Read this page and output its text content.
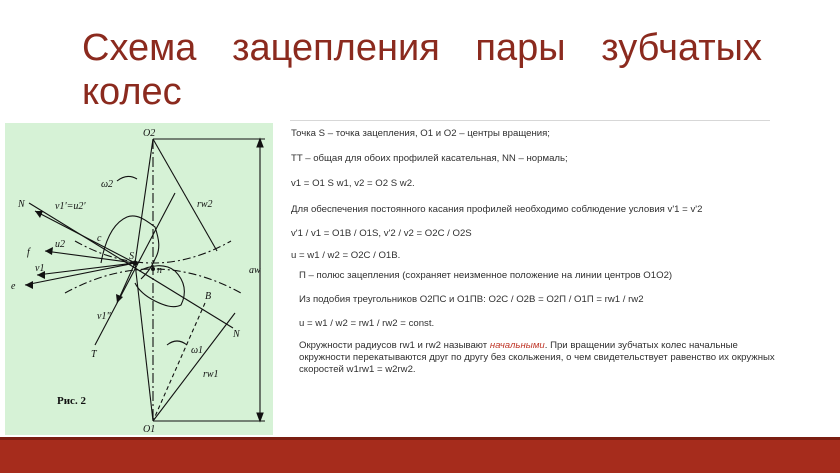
Схема зацепления пары зубчатых колес
O2
O1
N
N
T
ω2
ω1
rw2
rw1
aw
S
п
c
B
f
e
v1
u2
v1'=u2'
v1"
Рис. 2
Точка S – точка зацепления, O1 и O2 – центры вращения;
TT – общая для обоих профилей касательная, NN – нормаль;
v1 = O1 S w1, v2 = O2 S w2.
Для обеспечения постоянного касания профилей необходимо соблюдение условия v'1 = v'2
v'1 / v1 = O1B / O1S, v'2 / v2 = O2C / O2S
u = w1 / w2 = O2C / O1B.
П – полюс зацепления (сохраняет неизменное положение на линии центров O1O2)
Из подобия треугольников O2ПС и O1ПВ: O2C / O2B = O2П / O1П = rw1 / rw2
u = w1 / w2 = rw1 / rw2 = const.
Окружности радиусов rw1 и rw2 называют начальными. При вращении зубчатых колес начальные окружности перекатываются друг по другу без скольжения, о чем свидетельствует равенство их окружных скоростей w1rw1 = w2rw2.
